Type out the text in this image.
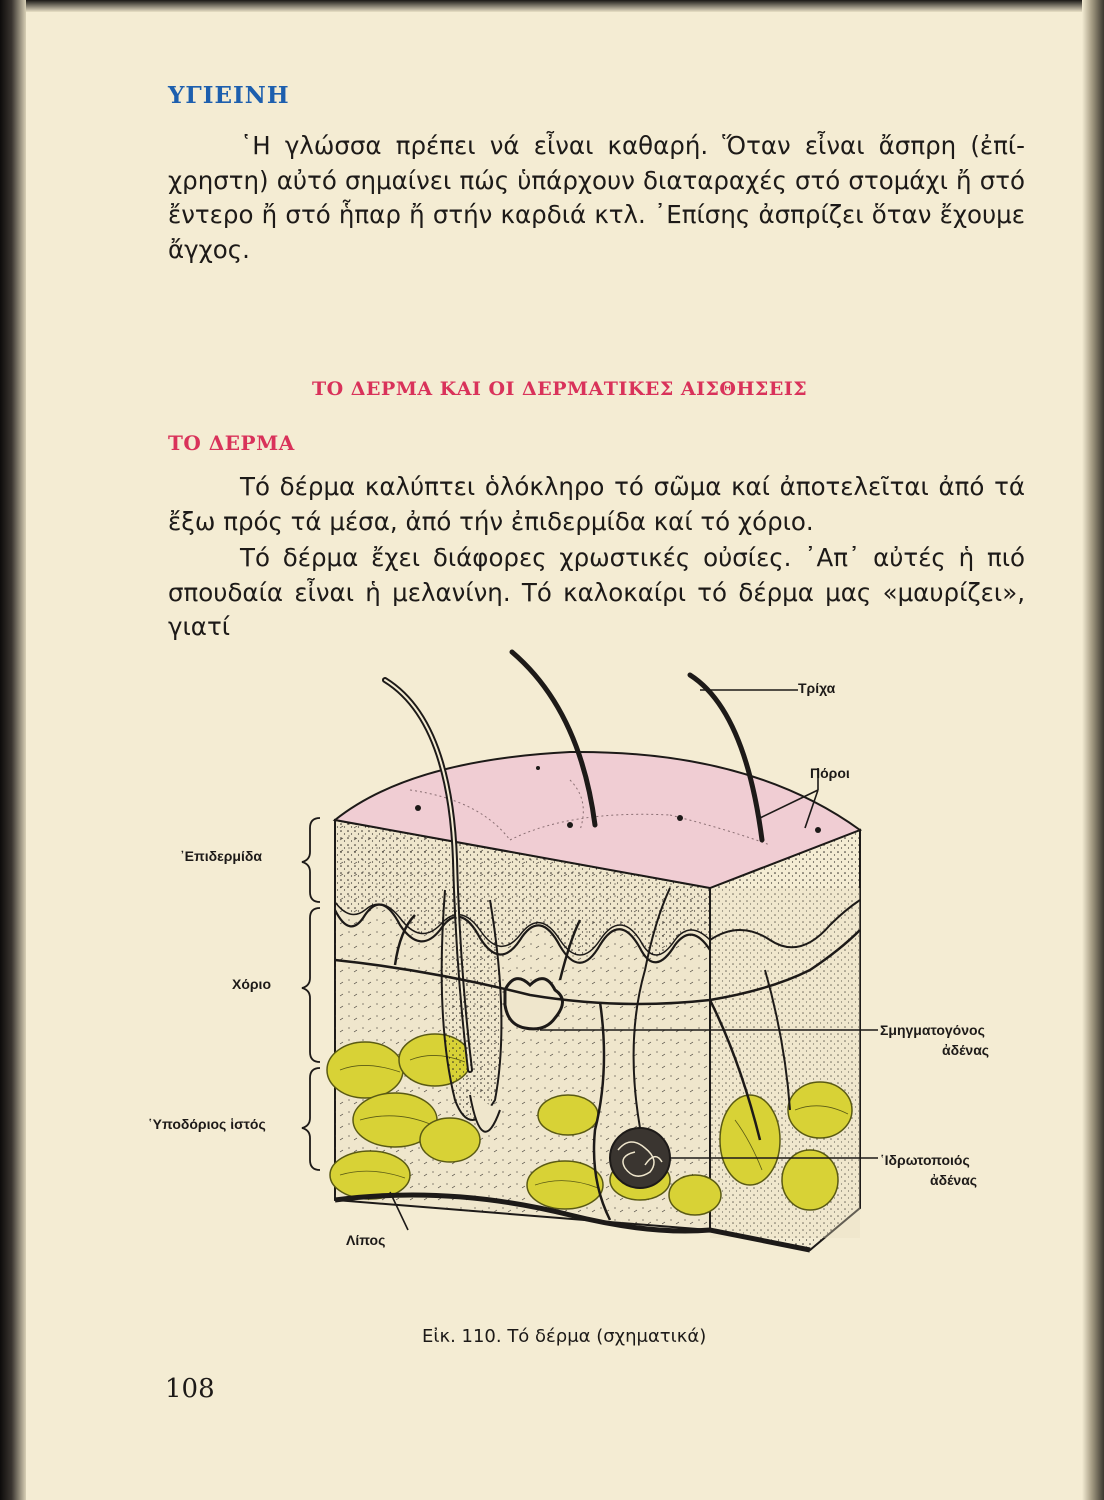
ΥΓΙΕΙΝΗ
῾Η γλώσσα πρέπει νά εἶναι καθαρή. Ὅταν εἶναι ἄσπρη (ἐπί-χρηστη) αὐτό σημαίνει πώς ὑπάρχουν διαταραχές στό στομάχι ἤ στό ἔντερο ἤ στό ἧπαρ ἤ στήν καρδιά κτλ. ᾿Επίσης ἀσπρίζει ὅταν ἔχουμε ἄγχος.
ΤΟ ΔΕΡΜΑ ΚΑΙ ΟΙ ΔΕΡΜΑΤΙΚΕΣ ΑΙΣΘΗΣΕΙΣ
ΤΟ ΔΕΡΜΑ
Τό δέρμα καλύπτει ὁλόκληρο τό σῶμα καί ἀποτελεῖται ἀπό τά ἔξω πρός τά μέσα, ἀπό τήν ἐπιδερμίδα καί τό χόριο.
Τό δέρμα ἔχει διάφορες χρωστικές οὐσίες. ᾿Απ᾿ αὐτές ἡ πιό σπουδαία εἶναι ἡ μελανίνη. Τό καλοκαίρι τό δέρμα μας «μαυρίζει», γιατί
Τρίχα
Πόροι
᾿Επιδερμίδα
Χόριο
῾Υποδόριος ἱστός
Σμηγματογόνος
ἀδένας
῾Ιδρωτοποιός
ἀδένας
Λίπος
Εἰκ. 110. Τό δέρμα (σχηματικά)
108
